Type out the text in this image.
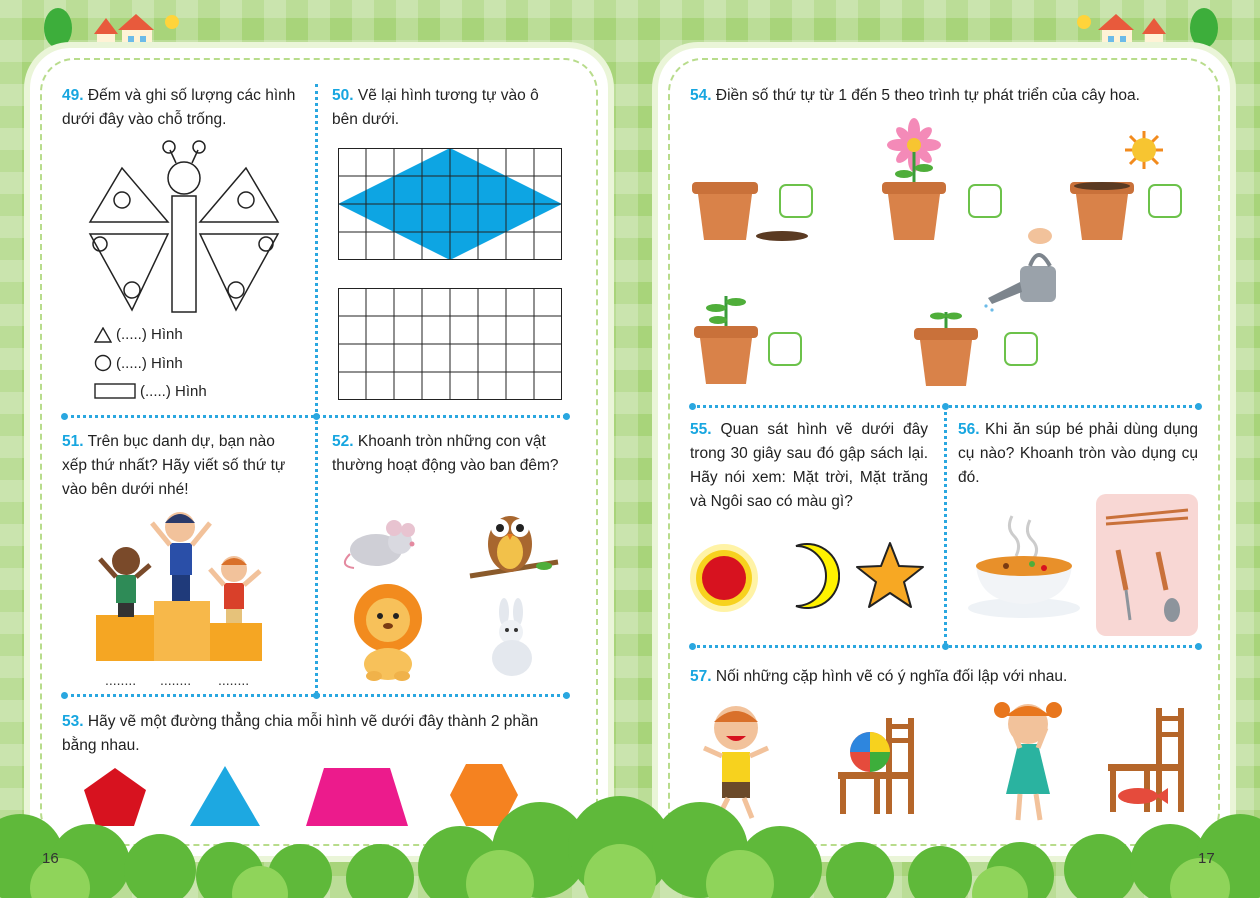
49. Đếm và ghi số lượng các hình dưới đây vào chỗ trống.

(.....) Hình
(.....) Hình
(.....) Hình

50. Vẽ lại hình tương tự vào ô bên dưới.

51. Trên bục danh dự, bạn nào xếp thứ nhất? Hãy viết số thứ tự vào bên dưới nhé!

........ ........ ........

52. Khoanh tròn những con vật thường hoạt động vào ban đêm?

53. Hãy vẽ một đường thẳng chia mỗi hình vẽ dưới đây thành 2 phần bằng nhau.

54. Điền số thứ tự từ 1 đến 5 theo trình tự phát triển của cây hoa.

55. Quan sát hình vẽ dưới đây trong 30 giây sau đó gập sách lại. Hãy nói xem: Mặt trời, Mặt trăng và Ngôi sao có màu gì?

56. Khi ăn súp bé phải dùng dụng cụ nào? Khoanh tròn vào dụng cụ đó.

57. Nối những cặp hình vẽ có ý nghĩa đối lập với nhau.

16	17
